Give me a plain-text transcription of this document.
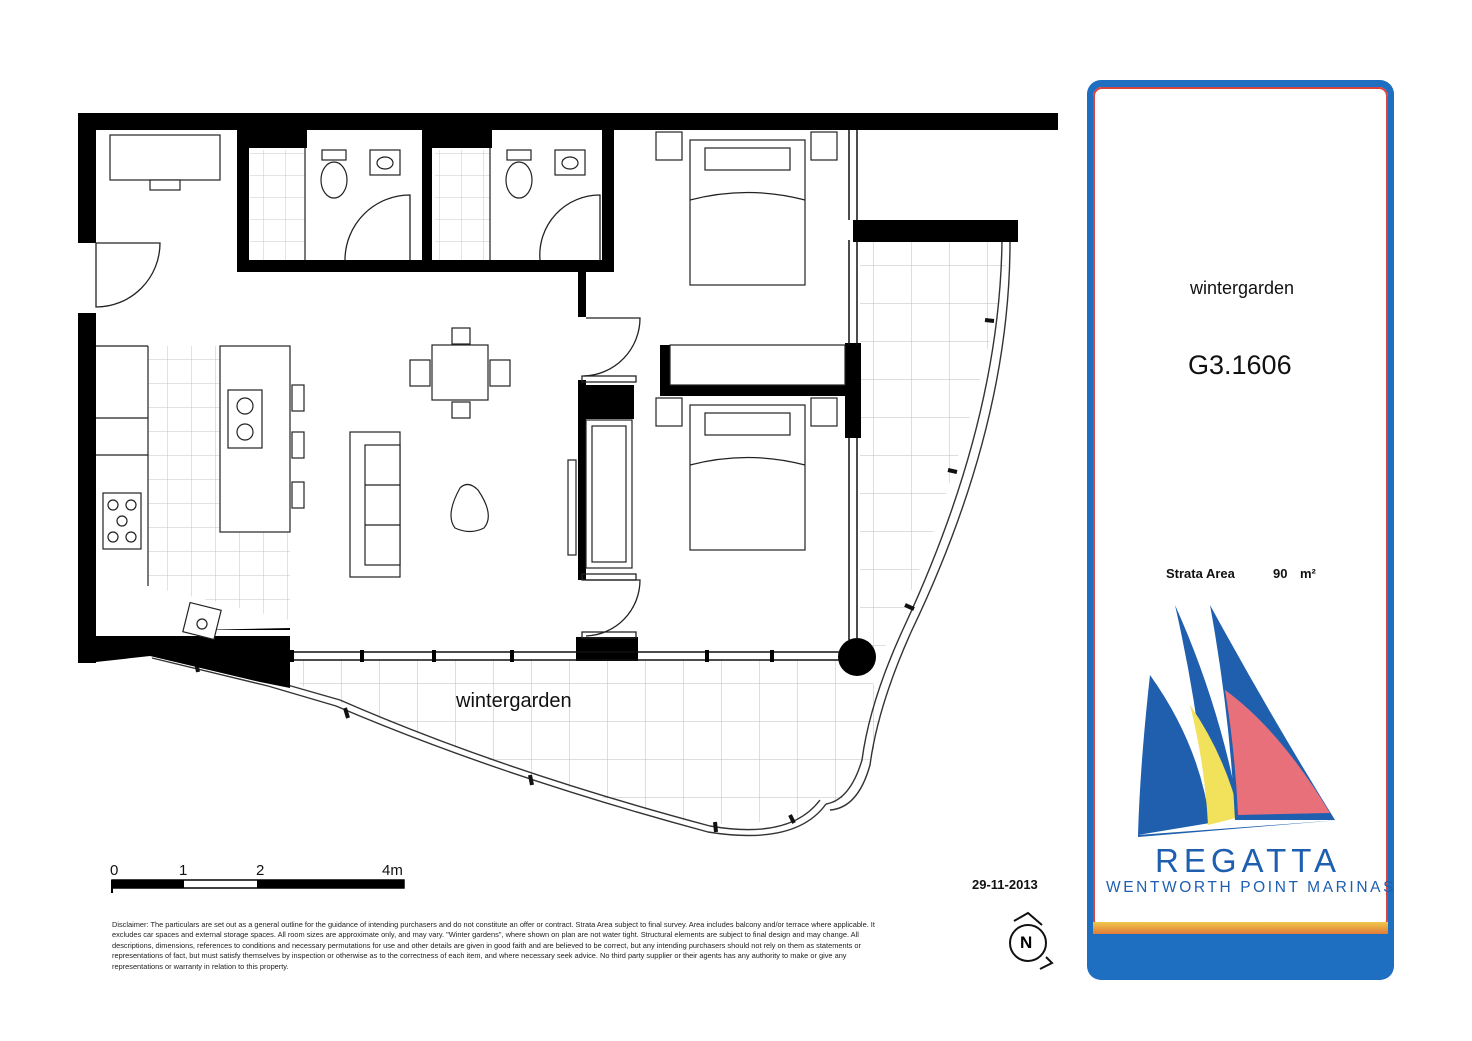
wintergarden
0	1	2	4m
29-11-2013
N
Disclaimer: The particulars are set out as a general outline for the guidance of intending purchasers and do not constitute an offer or contract. Strata Area subject to final survey. Area includes balcony and/or terrace where applicable. It excludes car spaces and external storage spaces. All room sizes are approximate only, and may vary. "Winter gardens", where shown on plan are not water tight. Structural elements are subject to final design and may change. All descriptions, dimensions, references to conditions and necessary permutations for use and other details are given in good faith and are believed to be correct, but any intending purchasers should not rely on them as statements or representations of fact, but must satisfy themselves by inspection or otherwise as to the correctness of each item, and where necessary seek advice. No third party supplier or their agents has any authority to make or give any representations or warranty in relation to this property.
wintergarden
G3.1606
Strata Area	90 m²
REGATTA
WENTWORTH POINT MARINAS
